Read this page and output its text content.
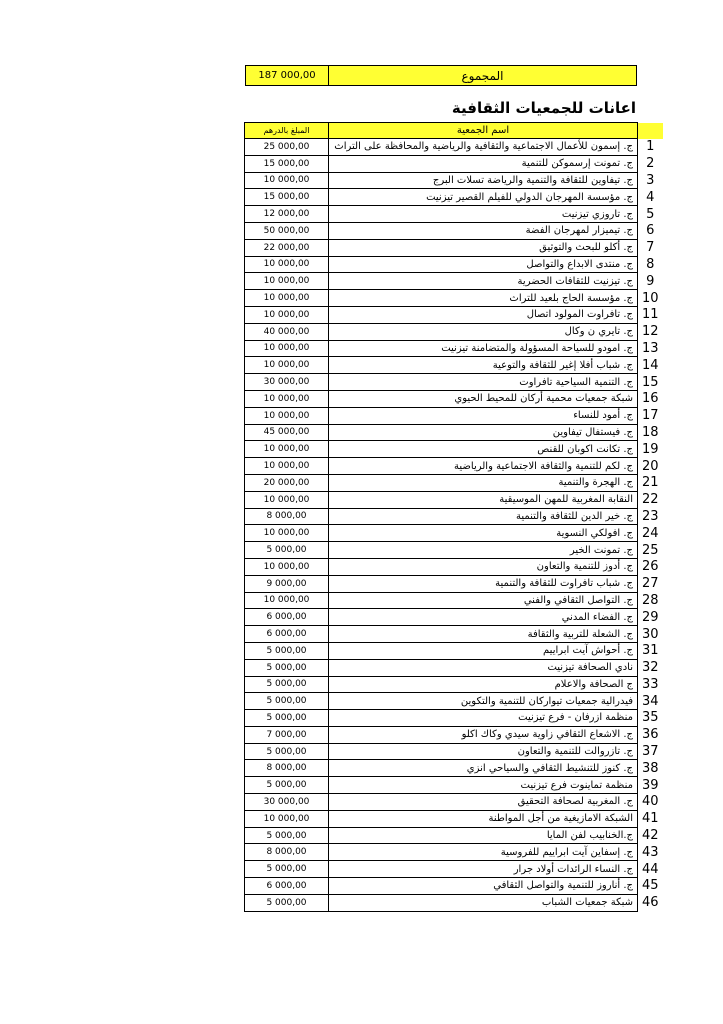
187 000,00	المجموع
اعانات للجمعيات الثقافية
المبلغ بالدرهم	اسم الجمعية	
25 000,00	ج. إسمون للأعمال الاجتماعية والثقافية والرياضية والمحافظة على التراث	1
15 000,00	ج. تمونت إرسموكن للتنمية	2
10 000,00	ج. تيفاوين للثقافة والتنمية والرياضة تسلات البرج	3
15 000,00	ج. مؤسسة المهرجان الدولي للفيلم القصير تيزنيت	4
12 000,00	ج. تاروزي تيزنيت	5
50 000,00	ج. تيميزار لمهرجان الفضة	6
22 000,00	ج. أكلو للبحث والتوثيق	7
10 000,00	ج. منتدى الابداع والتواصل	8
10 000,00	ج. تيزنيت للثقافات الحضرية	9
10 000,00	ج. مؤسسة الحاج بلعيد للتراث	10
10 000,00	ج. تافراوت المولود اتصال	11
40 000,00	ج. تايري ن وكال	12
10 000,00	ج. امودو للسياحة المسؤولة والمتضامنة تيزنيت	13
10 000,00	ج. شباب أفلا إغير للثقافة والتوعية	14
30 000,00	ج. التنمية السياحية تافراوت	15
10 000,00	شبكة جمعيات محمية أركان للمحيط الحيوي	16
10 000,00	ج. أمود للنساء	17
45 000,00	ج. فيستفال تيفاوين	18
10 000,00	ج. تكانت اكوبان للقنص	19
10 000,00	ج. لكم للتنمية والثقافة الاجتماعية والرياضية	20
20 000,00	ج. الهجرة والتنمية	21
10 000,00	النقابة المغربية للمهن الموسيقية	22
8 000,00	ج. خير الدين للثقافة والتنمية	23
10 000,00	ج. افولكي النسوية	24
5 000,00	ج. تمونت الخير	25
10 000,00	ج. أدوز للتنمية والتعاون	26
9 000,00	ج. شباب تافراوت للثقافة والتنمية	27
10 000,00	ج. التواصل الثقافي والفني	28
6 000,00	ج. الفضاء المدني	29
6 000,00	ج. الشعلة للتربية والثقافة	30
5 000,00	ج. أحواش آيت ابراييم	31
5 000,00	نادي الصحافة تيزنيت	32
5 000,00	ج الصحافة والاعلام	33
5 000,00	فيدرالية جمعيات تيواركان للتنمية والتكوين	34
5 000,00	منظمة ازرفان - فرع تيزنيت	35
7 000,00	ج. الاشعاع الثقافي زاوية سيدي وكاك اكلو	36
5 000,00	ج. تازروالت للتنمية والتعاون	37
8 000,00	ج. كنوز للتنشيط الثقافي والسياحي انزي	38
5 000,00	منظمة تماينوت فرع تيزنيت	39
30 000,00	ج. المغربية لصحافة التحقيق	40
10 000,00	الشبكة الامازيغية من أجل المواطنة	41
5 000,00	ج.الخنابيب لفن المايا	42
8 000,00	ج. إسفاين آيت ابراييم للفروسية	43
5 000,00	ج. النساء الرائدات أولاد جرار	44
6 000,00	ج. أناروز للتنمية والتواصل الثقافي	45
5 000,00	شبكة جمعيات الشباب	46
